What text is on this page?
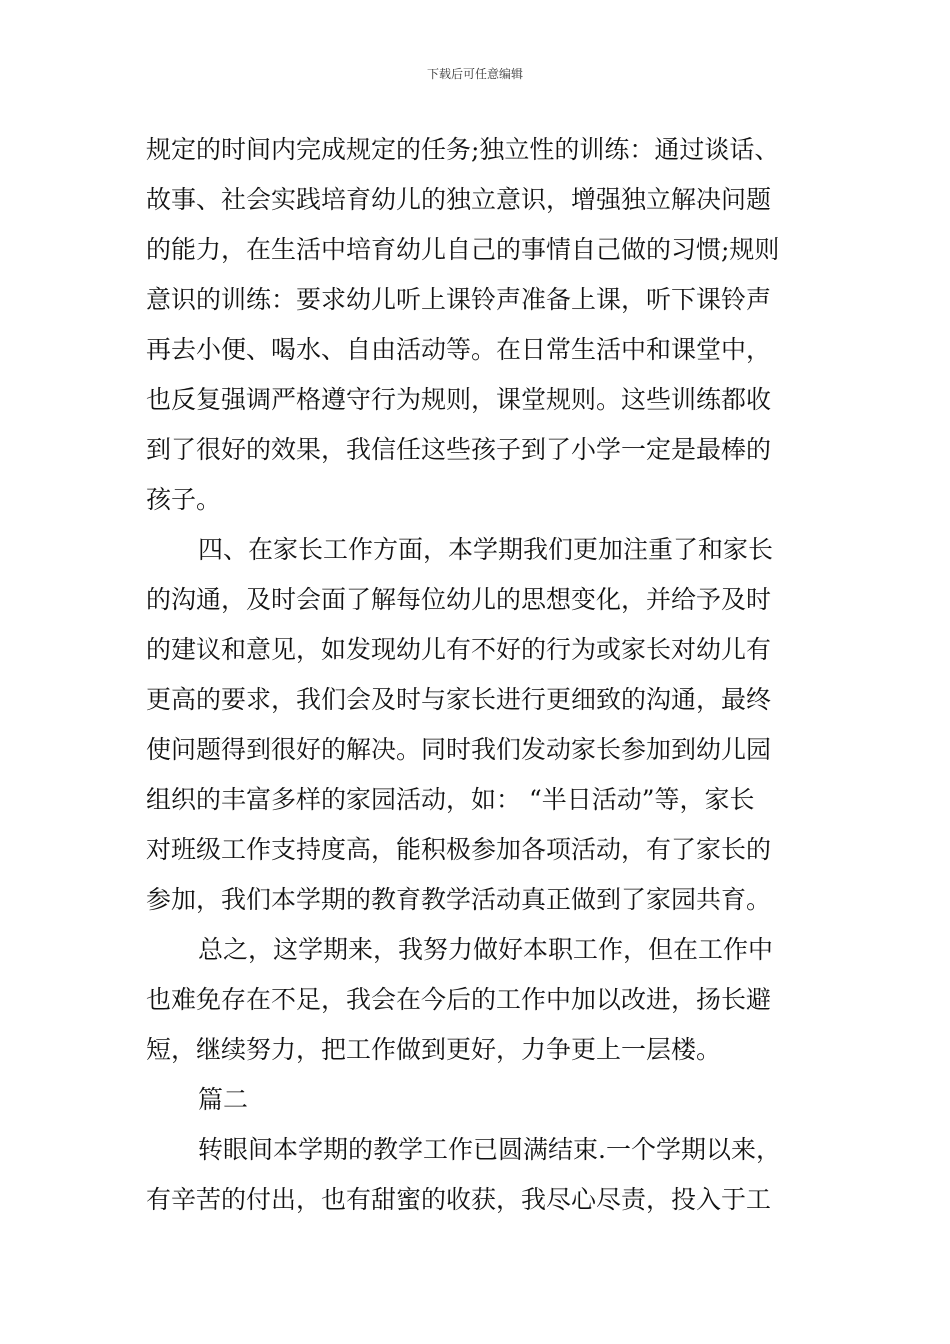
下载后可任意编辑
规定的时间内完成规定的任务;独立性的训练：通过谈话、
故事、社会实践培育幼儿的独立意识，增强独立解决问题
的能力，在生活中培育幼儿自己的事情自己做的习惯;规则
意识的训练：要求幼儿听上课铃声准备上课，听下课铃声
再去小便、喝水、自由活动等。在日常生活中和课堂中，
也反复强调严格遵守行为规则，课堂规则。这些训练都收
到了很好的效果，我信任这些孩子到了小学一定是最棒的
孩子。
四、在家长工作方面，本学期我们更加注重了和家长
的沟通，及时会面了解每位幼儿的思想变化，并给予及时
的建议和意见，如发现幼儿有不好的行为或家长对幼儿有
更高的要求，我们会及时与家长进行更细致的沟通，最终
使问题得到很好的解决。同时我们发动家长参加到幼儿园
组织的丰富多样的家园活动，如： “半日活动”等，家长
对班级工作支持度高，能积极参加各项活动，有了家长的
参加，我们本学期的教育教学活动真正做到了家园共育。
总之，这学期来，我努力做好本职工作，但在工作中
也难免存在不足，我会在今后的工作中加以改进，扬长避
短，继续努力，把工作做到更好，力争更上一层楼。
篇二
转眼间本学期的教学工作已圆满结束.一个学期以来，
有辛苦的付出，也有甜蜜的收获，我尽心尽责，投入于工
